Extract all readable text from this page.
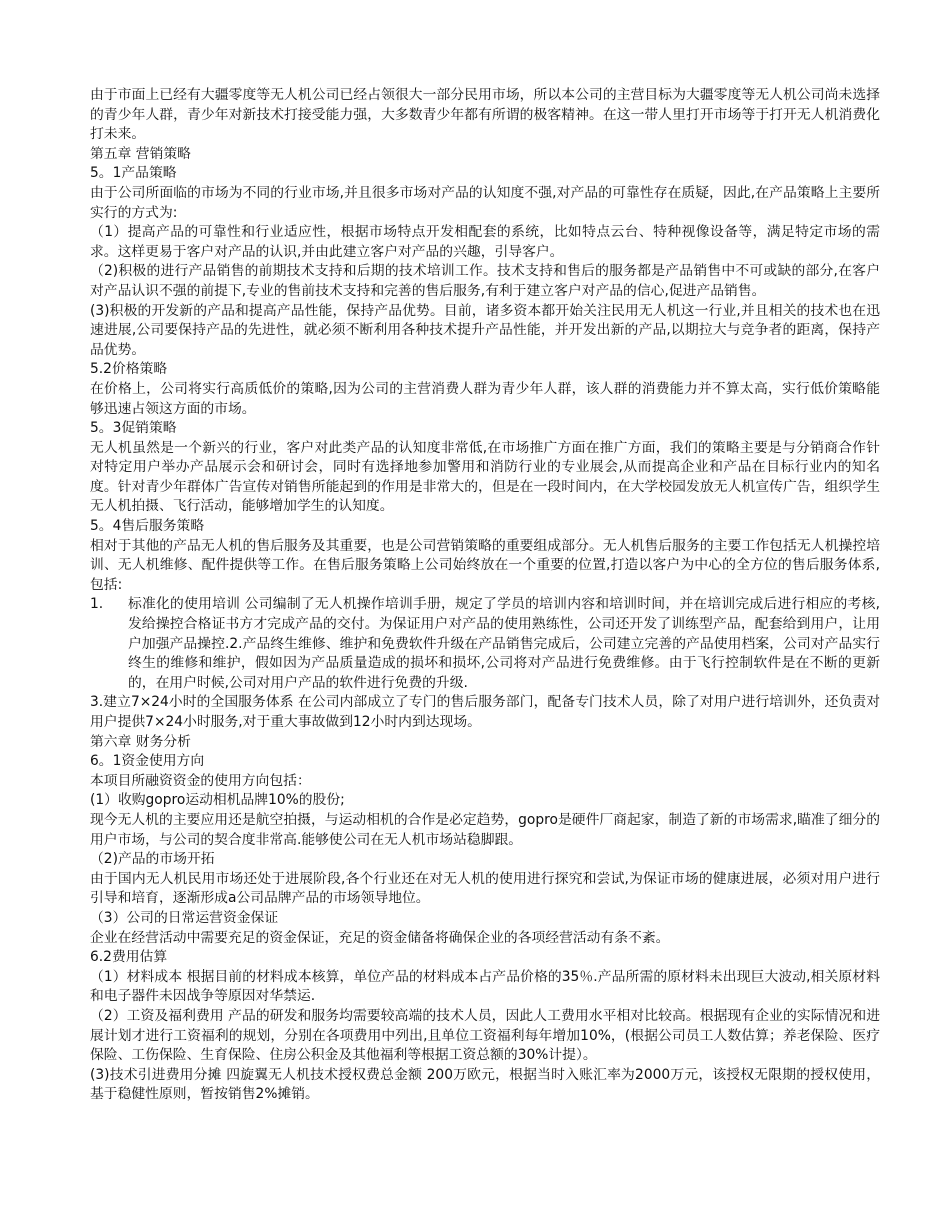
由于市面上已经有大疆零度等无人机公司已经占领很大一部分民用市场，所以本公司的主营目标为大疆零度等无人机公司尚未选择的青少年人群，青少年对新技术打接受能力强，大多数青少年都有所谓的极客精神。在这一带人里打开市场等于打开无人机消费化打未来。

第五章 营销策略

5。1产品策略

由于公司所面临的市场为不同的行业市场,并且很多市场对产品的认知度不强,对产品的可靠性存在质疑，因此,在产品策略上主要所实行的方式为:

（1）提高产品的可靠性和行业适应性，根据市场特点开发相配套的系统，比如特点云台、特种视像设备等，满足特定市场的需求。这样更易于客户对产品的认识,并由此建立客户对产品的兴趣，引导客户。

（2)积极的进行产品销售的前期技术支持和后期的技术培训工作。技术支持和售后的服务都是产品销售中不可或缺的部分,在客户对产品认识不强的前提下,专业的售前技术支持和完善的售后服务,有利于建立客户对产品的信心,促进产品销售。

(3)积极的开发新的产品和提高产品性能，保持产品优势。目前，诸多资本都开始关注民用无人机这一行业,并且相关的技术也在迅速进展,公司要保持产品的先进性，就必须不断利用各种技术提升产品性能，并开发出新的产品,以期拉大与竞争者的距离，保持产品优势。

5.2价格策略

在价格上，公司将实行高质低价的策略,因为公司的主营消费人群为青少年人群，该人群的消费能力并不算太高，实行低价策略能够迅速占领这方面的市场。

5。3促销策略

无人机虽然是一个新兴的行业，客户对此类产品的认知度非常低,在市场推广方面在推广方面，我们的策略主要是与分销商合作针对特定用户举办产品展示会和研讨会，同时有选择地参加警用和消防行业的专业展会,从而提高企业和产品在目标行业内的知名度。针对青少年群体广告宣传对销售所能起到的作用是非常大的，但是在一段时间内，在大学校园发放无人机宣传广告，组织学生无人机拍摄、飞行活动，能够增加学生的认知度。

5。4售后服务策略

相对于其他的产品无人机的售后服务及其重要，也是公司营销策略的重要组成部分。无人机售后服务的主要工作包括无人机操控培训、无人机维修、配件提供等工作。在售后服务策略上公司始终放在一个重要的位置,打造以客户为中心的全方位的售后服务体系,包括:

1.	标准化的使用培训 公司编制了无人机操作培训手册，规定了学员的培训内容和培训时间，并在培训完成后进行相应的考核,发给操控合格证书方才完成产品的交付。为保证用户对产品的使用熟练性，公司还开发了训练型产品，配套给到用户，让用户加强产品操控.2.产品终生维修、维护和免费软件升级在产品销售完成后，公司建立完善的产品使用档案，公司对产品实行终生的维修和维护，假如因为产品质量造成的损坏和损坏,公司将对产品进行免费维修。由于飞行控制软件是在不断的更新的，在用户时候,公司对用户产品的软件进行免费的升级.

3.建立7×24小时的全国服务体系 在公司内部成立了专门的售后服务部门，配备专门技术人员，除了对用户进行培训外，还负责对用户提供7×24小时服务,对于重大事故做到12小时内到达现场。

第六章 财务分析

6。1资金使用方向

本项目所融资资金的使用方向包括：

(1）收购gopro运动相机品牌10%的股份;

现今无人机的主要应用还是航空拍摄，与运动相机的合作是必定趋势，gopro是硬件厂商起家，制造了新的市场需求,瞄准了细分的用户市场，与公司的契合度非常高.能够使公司在无人机市场站稳脚跟。

（2)产品的市场开拓

由于国内无人机民用市场还处于进展阶段,各个行业还在对无人机的使用进行探究和尝试,为保证市场的健康进展，必须对用户进行引导和培育，逐渐形成a公司品牌产品的市场领导地位。

（3）公司的日常运营资金保证

企业在经营活动中需要充足的资金保证，充足的资金储备将确保企业的各项经营活动有条不紊。

6.2费用估算

（1）材料成本 根据目前的材料成本核算，单位产品的材料成本占产品价格的35％.产品所需的原材料未出现巨大波动,相关原材料和电子器件未因战争等原因对华禁运.

（2）工资及福利费用 产品的研发和服务均需要较高端的技术人员，因此人工费用水平相对比较高。根据现有企业的实际情况和进展计划才进行工资福利的规划，分别在各项费用中列出,且单位工资福利每年增加10%，(根据公司员工人数估算；养老保险、医疗保险、工伤保险、生育保险、住房公积金及其他福利等根据工资总额的30%计提）。

(3)技术引进费用分摊 四旋翼无人机技术授权费总金额 200万欧元，根据当时入账汇率为2000万元，该授权无限期的授权使用，基于稳健性原则，暂按销售2%摊销。
